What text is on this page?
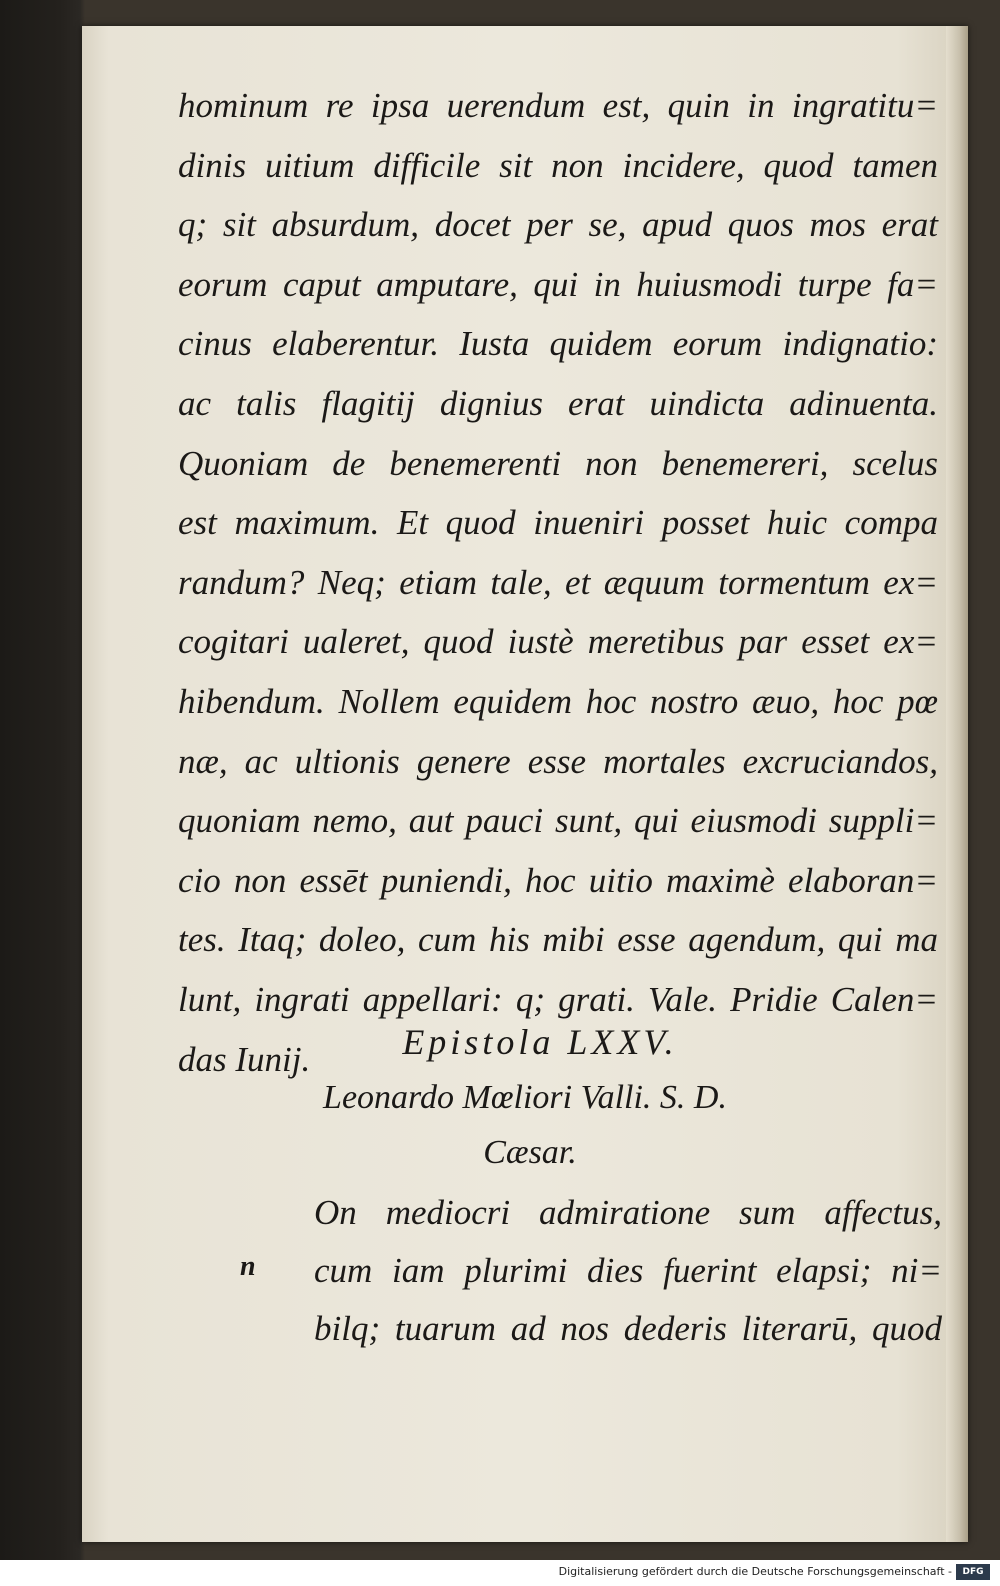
hominum re ipsa uerendum est, quin in ingratitu=
dinis uitium difficile sit non incidere, quod tamen
q; sit absurdum, docet per se, apud quos mos erat
eorum caput amputare, qui in huiusmodi turpe fa=
cinus elaberentur. Iusta quidem eorum indignatio:
ac talis flagitij dignius erat uindicta adinuenta.
Quoniam de benemerenti non benemereri, scelus
est maximum. Et quod inueniri posset huic compa
randum? Neq; etiam tale, et æquum tormentum ex=
cogitari ualeret, quod iustè meretibus par esset ex=
hibendum. Nollem equidem hoc nostro æuo, hoc pœ
næ, ac ultionis genere esse mortales excruciandos,
quoniam nemo, aut pauci sunt, qui eiusmodi suppli=
cio non essēt puniendi, hoc uitio maximè elaboran=
tes. Itaq; doleo, cum his mibi esse agendum, qui ma
lunt, ingrati appellari: q; grati. Vale. Pridie Calen=
das Iunij.	Epistola LXXV.
Leonardo Mœliori Valli. S. D.
Cæsar.
n
On mediocri admiratione sum affectus,
cum iam plurimi dies fuerint elapsi; ni=
bilq; tuarum ad nos dederis literarū, quod
Digitalisierung gefördert durch die Deutsche Forschungsgemeinschaft -	DFG
